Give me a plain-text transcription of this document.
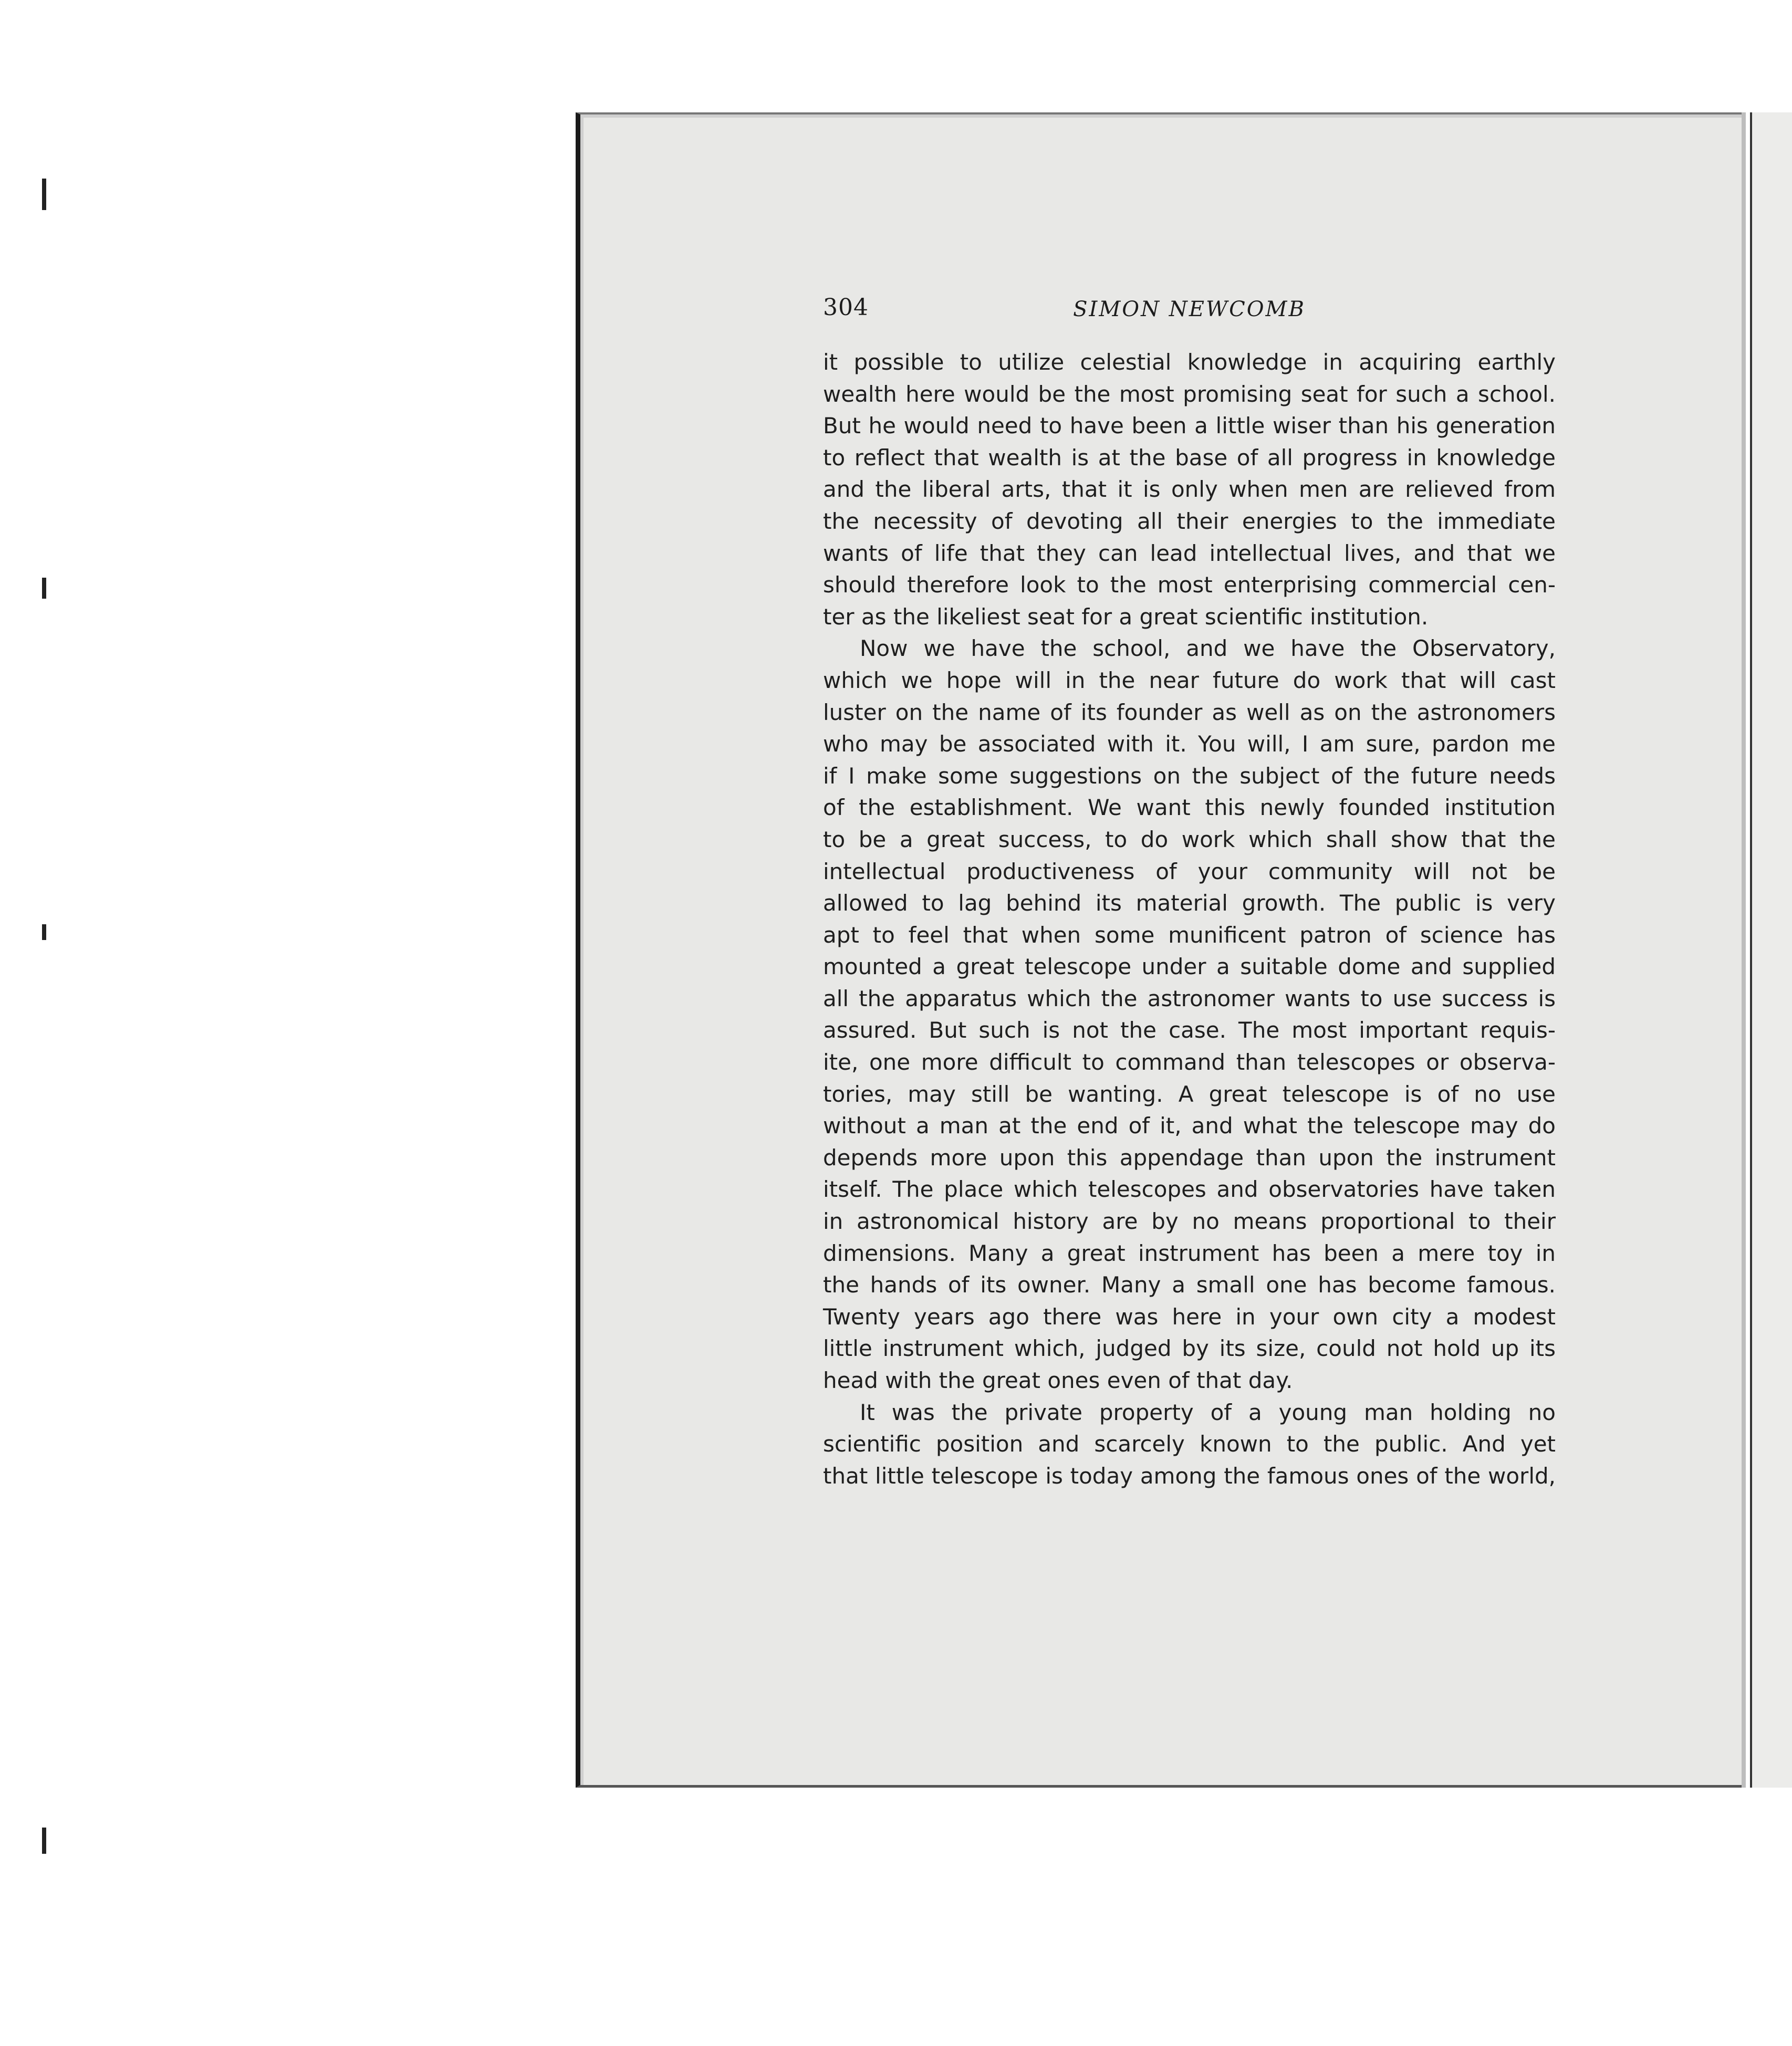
304	SIMON NEWCOMB
it possible to utilize celestial knowledge in acquiring earthly
wealth here would be the most promising seat for such a school.
But he would need to have been a little wiser than his generation
to reflect that wealth is at the base of all progress in knowledge
and the liberal arts, that it is only when men are relieved from
the necessity of devoting all their energies to the immediate
wants of life that they can lead intellectual lives, and that we
should therefore look to the most enterprising commercial cen-
ter as the likeliest seat for a great scientific institution.
Now we have the school, and we have the Observatory,
which we hope will in the near future do work that will cast
luster on the name of its founder as well as on the astronomers
who may be associated with it. You will, I am sure, pardon me
if I make some suggestions on the subject of the future needs
of the establishment. We want this newly founded institution
to be a great success, to do work which shall show that the
intellectual productiveness of your community will not be
allowed to lag behind its material growth. The public is very
apt to feel that when some munificent patron of science has
mounted a great telescope under a suitable dome and supplied
all the apparatus which the astronomer wants to use success is
assured. But such is not the case. The most important requis-
ite, one more difficult to command than telescopes or observa-
tories, may still be wanting. A great telescope is of no use
without a man at the end of it, and what the telescope may do
depends more upon this appendage than upon the instrument
itself. The place which telescopes and observatories have taken
in astronomical history are by no means proportional to their
dimensions. Many a great instrument has been a mere toy in
the hands of its owner. Many a small one has become famous.
Twenty years ago there was here in your own city a modest
little instrument which, judged by its size, could not hold up its
head with the great ones even of that day.
It was the private property of a young man holding no
scientific position and scarcely known to the public. And yet
that little telescope is today among the famous ones of the world,
